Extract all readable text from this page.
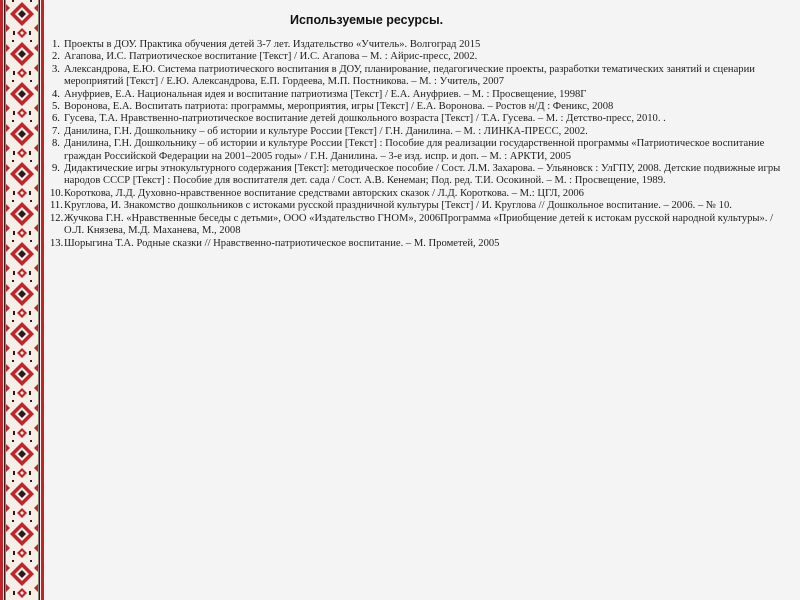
Используемые ресурсы.
1. Проекты в ДОУ. Практика обучения детей 3-7 лет. Издательство «Учитель». Волгоград 2015
2. Агапова, И.С. Патриотическое воспитание [Текст] / И.С. Агапова – М. : Айрис-пресс, 2002.
3. Александрова, Е.Ю. Система патриотического воспитания в ДОУ, планирование, педагогические проекты, разработки тематических занятий и сценарии мероприятий [Текст] / Е.Ю. Александрова, Е.П. Гордеева, М.П. Постникова. – М. : Учитель, 2007
4. Ануфриев, Е.А. Национальная идея и воспитание патриотизма [Текст] / Е.А. Ануфриев. – М. : Просвещение, 1998Г
5. Воронова, Е.А. Воспитать патриота: программы, мероприятия, игры [Текст] / Е.А. Воронова. – Ростов н/Д : Феникс, 2008
6. Гусева, Т.А. Нравственно-патриотическое воспитание детей дошкольного возраста [Текст] / Т.А. Гусева. – М. : Детство-пресс, 2010. .
7. Данилина, Г.Н. Дошкольнику – об истории и культуре России [Текст] / Г.Н. Данилина. – М. : ЛИНКА-ПРЕСС, 2002.
8. Данилина, Г.Н. Дошкольнику – об истории и культуре России [Текст] : Пособие для реализации государственной программы «Патриотическое воспитание граждан Российской Федерации на 2001–2005 годы» / Г.Н. Данилина. – 3-е изд. испр. и доп. – М. : АРКТИ, 2005
9. Дидактические игры этнокультурного содержания [Текст]: методическое пособие / Сост. Л.М. Захарова. – Ульяновск : УлГПУ, 2008. Детские подвижные игры народов СССР [Текст] : Пособие для воспитателя дет. сада / Сост. А.В. Кенеман; Под. ред. Т.И. Осокиной. – М. : Просвещение, 1989.
10. Короткова, Л.Д. Духовно-нравственное воспитание средствами авторских сказок / Л.Д. Короткова. – М.: ЦГЛ, 2006
11. Круглова, И. Знакомство дошкольников с истоками русской праздничной культуры [Текст] / И. Круглова // Дошкольное воспитание. – 2006. – № 10.
12. Жучкова Г.Н. «Нравственные беседы с детьми», ООО «Издательство ГНОМ», 2006Программа «Приобщение детей к истокам русской народной культуры». /О.Л. Князева, М.Д. Маханева, М., 2008
13. Шорыгина Т.А. Родные сказки // Нравственно-патриотическое воспитание. – М. Прометей, 2005
